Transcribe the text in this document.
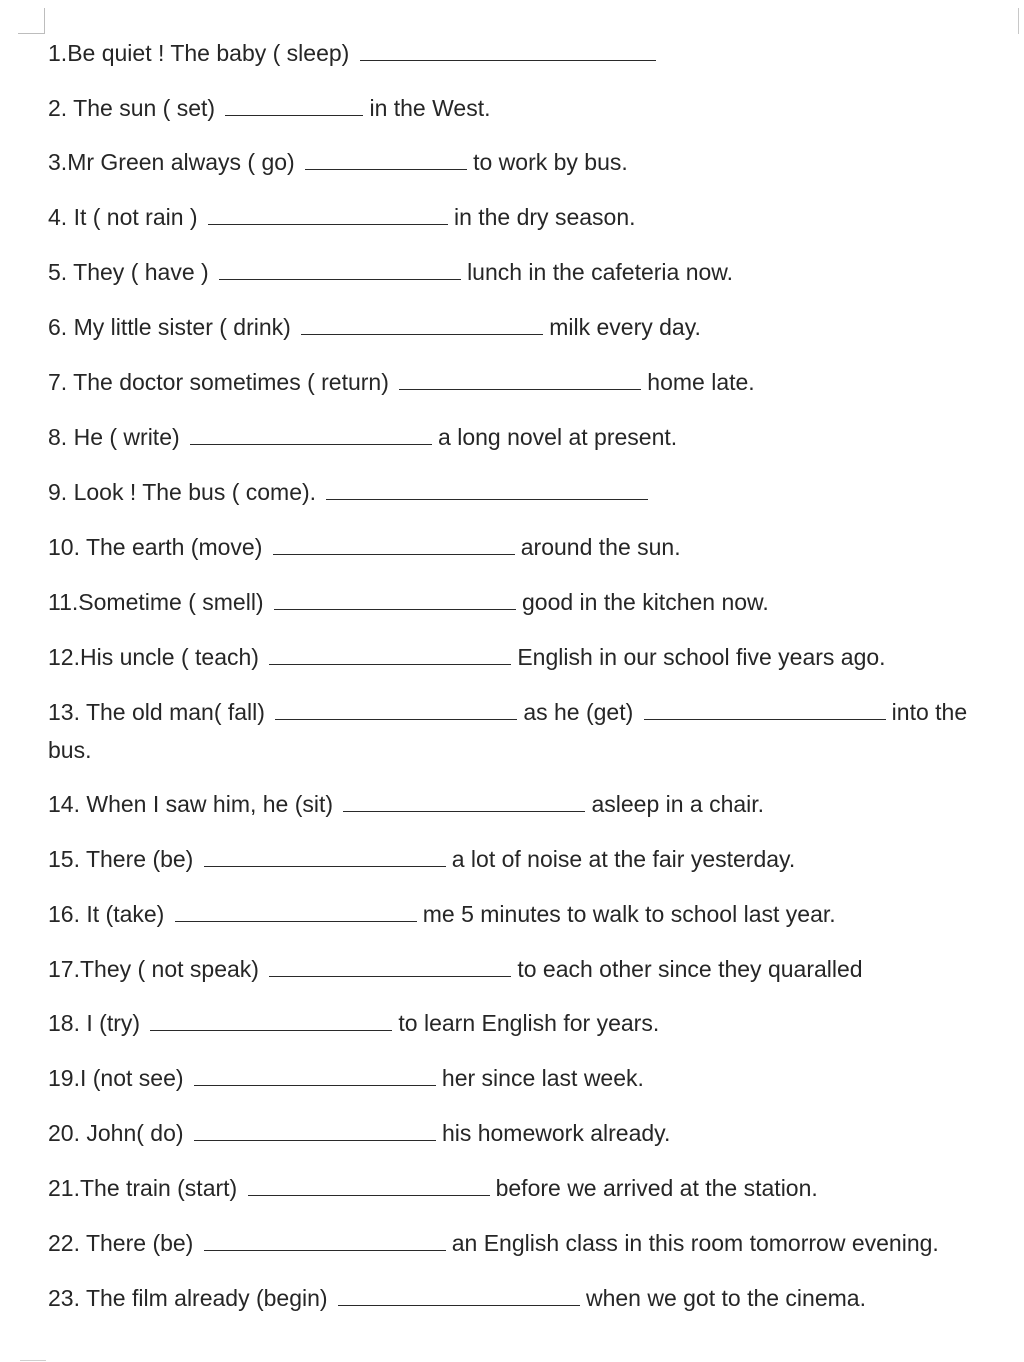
1.Be quiet ! The baby ( sleep)
2. The sun ( set)	in the West.
3.Mr Green always ( go)	to work by bus.
4. It ( not rain )	in the dry season.
5. They ( have )	lunch in the cafeteria now.
6. My little sister ( drink)	milk every day.
7. The doctor sometimes ( return)	home late.
8. He ( write)	a long novel at present.
9. Look ! The bus ( come).
10. The earth (move)	around the sun.
11.Sometime ( smell)	good in the kitchen now.
12.His uncle ( teach)	English in our school five years ago.
13. The old man( fall)	as he (get)	into the
bus.
14. When I saw him, he (sit)	asleep in a chair.
15. There (be)	a lot of noise at the fair yesterday.
16. It (take)	me 5 minutes to walk to school last year.
17.They ( not speak)	to each other since they quaralled
18. I (try)	to learn English for years.
19.I (not see)	her since last week.
20. John( do)	his homework already.
21.The train (start)	before we arrived at the station.
22. There (be)	an English class in this room tomorrow evening.
23. The film already (begin)	when we got to the cinema.
